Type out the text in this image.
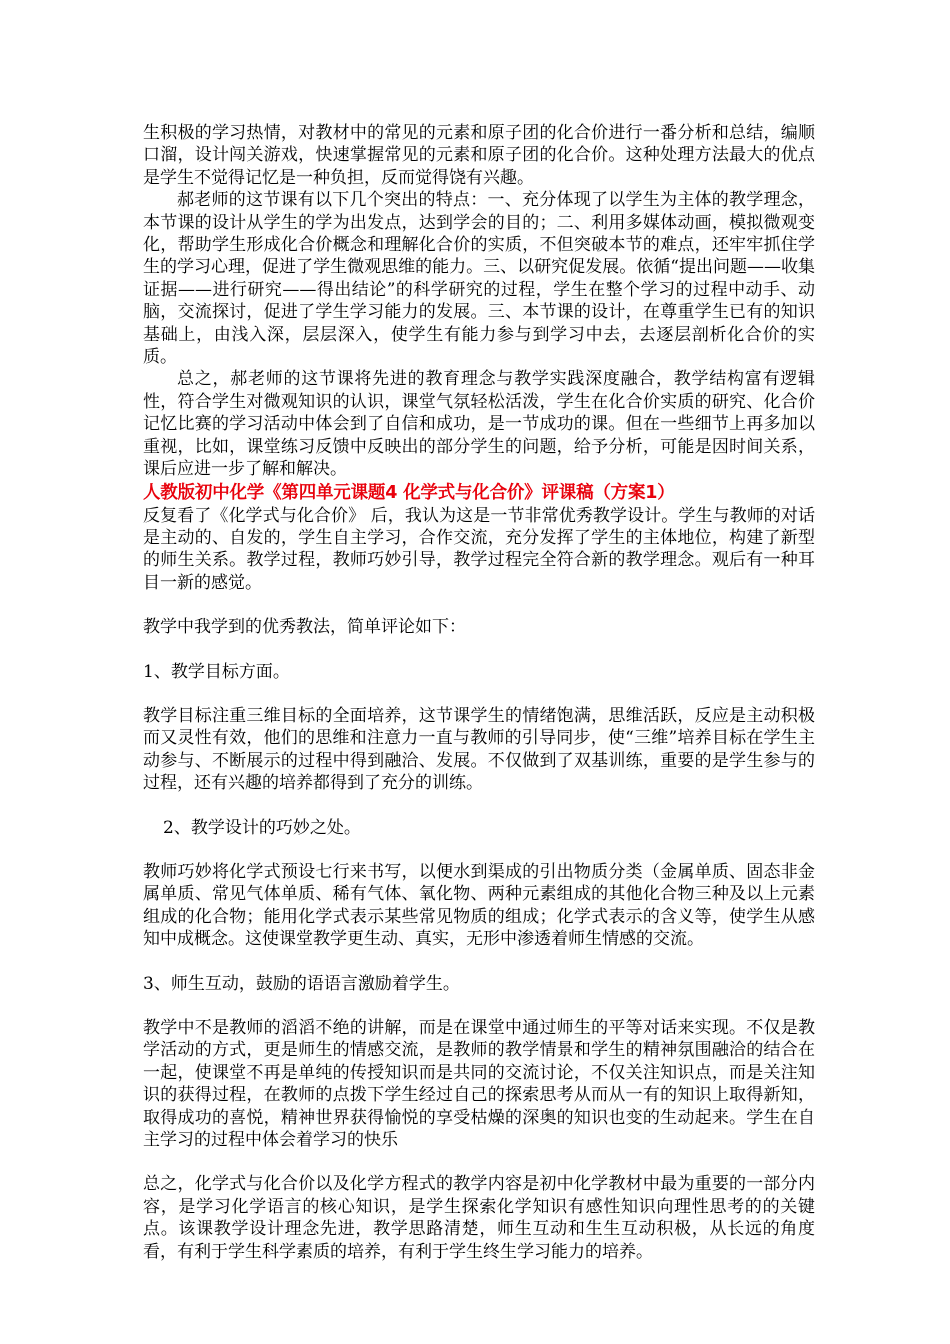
生积极的学习热情，对教材中的常见的元素和原子团的化合价进行一番分析和总结，编顺口溜，设计闯关游戏，快速掌握常见的元素和原子团的化合价。这种处理方法最大的优点是学生不觉得记忆是一种负担，反而觉得饶有兴趣。

郝老师的这节课有以下几个突出的特点：一、充分体现了以学生为主体的教学理念，本节课的设计从学生的学为出发点，达到学会的目的；二、利用多媒体动画，模拟微观变化，帮助学生形成化合价概念和理解化合价的实质，不但突破本节的难点，还牢牢抓住学生的学习心理，促进了学生微观思维的能力。三、以研究促发展。依循“提出问题——收集证据——进行研究——得出结论”的科学研究的过程，学生在整个学习的过程中动手、动脑，交流探讨，促进了学生学习能力的发展。三、本节课的设计，在尊重学生已有的知识基础上，由浅入深，层层深入，使学生有能力参与到学习中去，去逐层剖析化合价的实质。

总之，郝老师的这节课将先进的教育理念与教学实践深度融合，教学结构富有逻辑性，符合学生对微观知识的认识，课堂气氛轻松活泼，学生在化合价实质的研究、化合价记忆比赛的学习活动中体会到了自信和成功，是一节成功的课。但在一些细节上再多加以重视，比如，课堂练习反馈中反映出的部分学生的问题，给予分析，可能是因时间关系，课后应进一步了解和解决。

人教版初中化学《第四单元课题4 化学式与化合价》评课稿（方案1）

反复看了《化学式与化合价》 后，我认为这是一节非常优秀教学设计。学生与教师的对话是主动的、自发的，学生自主学习，合作交流，充分发挥了学生的主体地位，构建了新型的师生关系。教学过程，教师巧妙引导，教学过程完全符合新的教学理念。观后有一种耳目一新的感觉。

教学中我学到的优秀教法，简单评论如下：

1、教学目标方面。

教学目标注重三维目标的全面培养，这节课学生的情绪饱满，思维活跃，反应是主动积极而又灵性有效，他们的思维和注意力一直与教师的引导同步，使“三维”培养目标在学生主动参与、不断展示的过程中得到融洽、发展。不仅做到了双基训练，重要的是学生参与的过程，还有兴趣的培养都得到了充分的训练。

2、教学设计的巧妙之处。

教师巧妙将化学式预设七行来书写，以便水到渠成的引出物质分类（金属单质、固态非金属单质、常见气体单质、稀有气体、氧化物、两种元素组成的其他化合物三种及以上元素组成的化合物；能用化学式表示某些常见物质的组成；化学式表示的含义等，使学生从感知中成概念。这使课堂教学更生动、真实，无形中渗透着师生情感的交流。

3、师生互动，鼓励的语语言激励着学生。

教学中不是教师的滔滔不绝的讲解，而是在课堂中通过师生的平等对话来实现。不仅是教学活动的方式，更是师生的情感交流，是教师的教学情景和学生的精神氛围融洽的结合在一起，使课堂不再是单纯的传授知识而是共同的交流讨论，不仅关注知识点，而是关注知识的获得过程，在教师的点拨下学生经过自己的探索思考从而从一有的知识上取得新知，取得成功的喜悦，精神世界获得愉悦的享受枯燥的深奥的知识也变的生动起来。学生在自主学习的过程中体会着学习的快乐

总之，化学式与化合价以及化学方程式的教学内容是初中化学教材中最为重要的一部分内容，是学习化学语言的核心知识，是学生探索化学知识有感性知识向理性思考的的关键点。该课教学设计理念先进，教学思路清楚，师生互动和生生互动积极，从长远的角度看，有利于学生科学素质的培养，有利于学生终生学习能力的培养。
